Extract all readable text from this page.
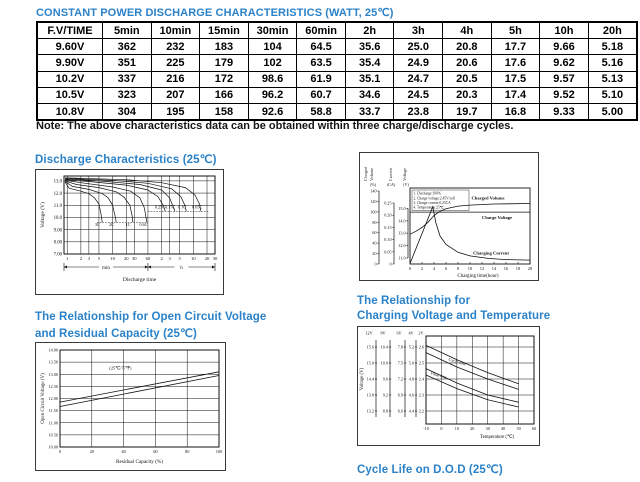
CONSTANT POWER DISCHARGE CHARACTERISTICS (WATT, 25℃)
F.V/TIME	5min	10min	15min	30min	60min	2h	3h	4h	5h	10h	20h
9.60V	362	232	183	104	64.5	35.6	25.0	20.8	17.7	9.66	5.18
9.90V	351	225	179	102	63.5	35.4	24.9	20.6	17.6	9.62	5.16
10.2V	337	216	172	98.6	61.9	35.1	24.7	20.5	17.5	9.57	5.13
10.5V	323	207	166	96.2	60.7	34.6	24.5	20.3	17.4	9.52	5.10
10.8V	304	195	158	92.6	58.8	33.7	23.8	19.7	16.8	9.33	5.00
Note: The above characteristics data can be obtained within three charge/discharge cycles.
Discharge Characteristics (25℃)
13.0
12.0
11.0
10.0
9.00
8.00
7.00
1 2 3 5 10 20 30 60 2 3 5 10 20 30
3C 2C	1C 0.6C
0.25C 0.17C 0.1C 0.05C
min	h
Discharge time
Voltage (V)
Charged Volume	Current Voltage
(%)	(CA) (V)
140
120
100
80
60
40
20
0
0.25
0.20
0.15
0.10
0.05
0
15.0
14.0
13.0
12.0
11.0
0 2 4 6 8 10 12 14 16 18 20
Charging time(hour)
1. Discharge:100%
2. Charge voltage:2.45V/cell
3. Charge current:0.25CA
4. Temperature:25℃
Charged Volume
Charge Voltage
Charging Current
The Relationship for Open Circuit Voltage
and Residual Capacity (25℃)
14.00
13.50
13.00
12.50
12.00
11.50
11.00
10.50
10.00
0	20	40	60	80	100
(25℃/77℉)
Residual Capacity (%)
Open Circuit Voltage (V)
The Relationship for
Charging Voltage and Temperature
-10	0	10	20	30	40	50	60
12V 8V	6V 4V 2V
15.6
15.0
14.4
13.8
13.2
10.4
10.0
9.6
9.2
8.8
7.8
7.5
7.2
6.9
6.6
5.2
5.0
4.8
4.6
4.4
2.6
2.5
2.4
2.3
2.2
Cycle Use
Float Use
Temperature (℃)
Voltage (V)
Cycle Life on D.O.D (25℃)
